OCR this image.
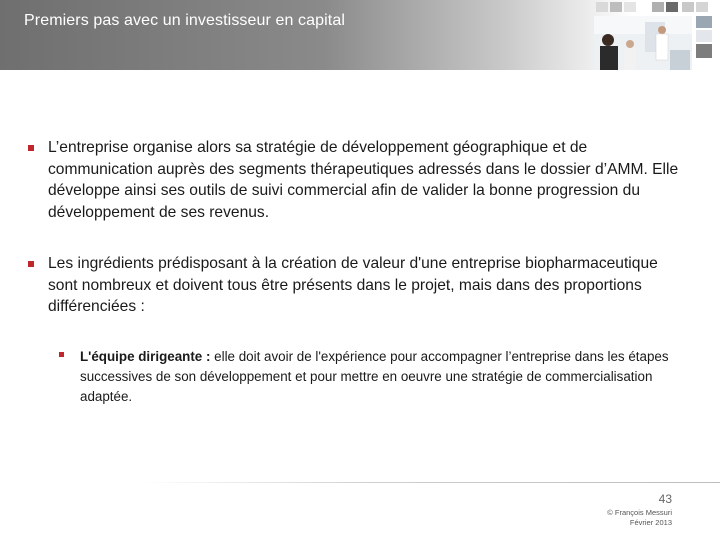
Premiers pas avec un investisseur en capital
L’entreprise organise alors sa stratégie de développement géographique et de communication auprès des segments thérapeutiques adressés dans le dossier d’AMM. Elle développe ainsi ses outils de suivi commercial afin de valider la bonne progression du développement de ses revenus.
Les ingrédients prédisposant à la création de valeur d'une entreprise biopharmaceutique sont nombreux et doivent tous être présents dans le projet, mais dans des proportions différenciées :
L'équipe dirigeante : elle doit avoir de l'expérience pour accompagner l’entreprise dans les étapes successives de son développement et pour mettre en oeuvre une stratégie de commercialisation adaptée.
43
© François Messuri
Février 2013
